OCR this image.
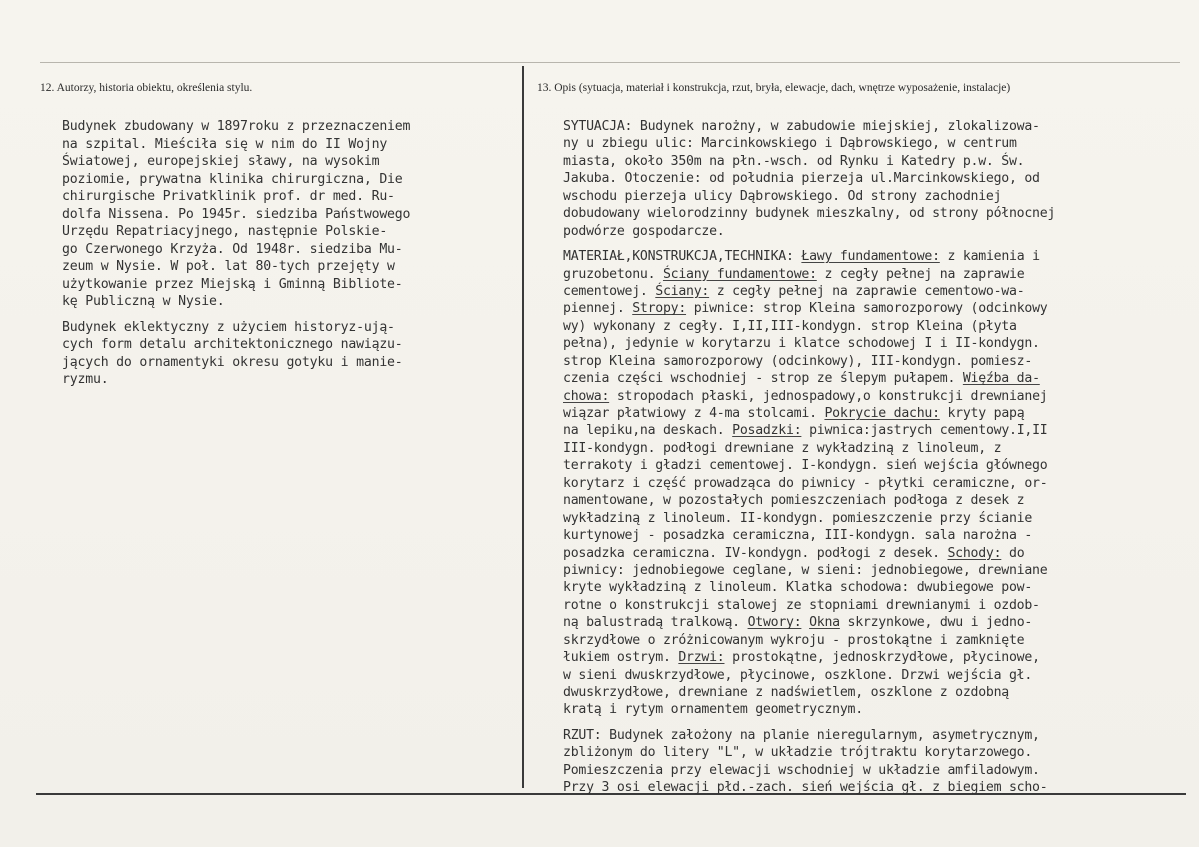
12. Autorzy, historia obiektu, określenia stylu.	13. Opis (sytuacja, materiał i konstrukcja, rzut, bryła, elewacje, dach, wnętrze wyposażenie, instalacje)
Budynek zbudowany w 1897roku z przeznaczeniem
na szpital. Mieściła się w nim do II Wojny
Światowej, europejskiej sławy, na wysokim
poziomie, prywatna klinika chirurgiczna, Die
chirurgische Privatklinik prof. dr med. Ru-
dolfa Nissena. Po 1945r. siedziba Państwowego
Urzędu Repatriacyjnego, następnie Polskie-
go Czerwonego Krzyża. Od 1948r. siedziba Mu-
zeum w Nysie. W poł. lat 80-tych przejęty w
użytkowanie przez Miejską i Gminną Bibliote-
kę Publiczną w Nysie.
Budynek eklektyczny z użyciem historyz-ują-
cych form detalu architektonicznego nawiązu-
jących do ornamentyki okresu gotyku i manie-
ryzmu.
SYTUACJA: Budynek narożny, w zabudowie miejskiej, zlokalizowa-
ny u zbiegu ulic: Marcinkowskiego i Dąbrowskiego, w centrum
miasta, około 350m na płn.-wsch. od Rynku i Katedry p.w. Św.
Jakuba. Otoczenie: od południa pierzeja ul.Marcinkowskiego, od
wschodu pierzeja ulicy Dąbrowskiego. Od strony zachodniej
dobudowany wielorodzinny budynek mieszkalny, od strony północnej
podwórze gospodarcze.
MATERIAŁ,KONSTRUKCJA,TECHNIKA: Ławy fundamentowe: z kamienia i
gruzobetonu. Ściany fundamentowe: z cegły pełnej na zaprawie
cementowej. Ściany: z cegły pełnej na zaprawie cementowo-wa-
piennej. Stropy: piwnice: strop Kleina samorozporowy (odcinkowy
wy) wykonany z cegły. I,II,III-kondygn. strop Kleina (płyta
pełna), jedynie w korytarzu i klatce schodowej I i II-kondygn.
strop Kleina samorozporowy (odcinkowy), III-kondygn. pomiesz-
czenia części wschodniej - strop ze ślepym pułapem. Więźba da-
chowa: stropodach płaski, jednospadowy,o konstrukcji drewnianej
wiązar płatwiowy z 4-ma stolcami. Pokrycie dachu: kryty papą
na lepiku,na deskach. Posadzki: piwnica:jastrych cementowy.I,II
III-kondygn. podłogi drewniane z wykładziną z linoleum, z
terrakoty i gładzi cementowej. I-kondygn. sień wejścia głównego
korytarz i część prowadząca do piwnicy - płytki ceramiczne, or-
namentowane, w pozostałych pomieszczeniach podłoga z desek z
wykładziną z linoleum. II-kondygn. pomieszczenie przy ścianie
kurtynowej - posadzka ceramiczna, III-kondygn. sala narożna -
posadzka ceramiczna. IV-kondygn. podłogi z desek. Schody: do
piwnicy: jednobiegowe ceglane, w sieni: jednobiegowe, drewniane
kryte wykładziną z linoleum. Klatka schodowa: dwubiegowe pow-
rotne o konstrukcji stalowej ze stopniami drewnianymi i ozdob-
ną balustradą tralkową. Otwory: Okna skrzynkowe, dwu i jedno-
skrzydłowe o zróżnicowanym wykroju - prostokątne i zamknięte
łukiem ostrym. Drzwi: prostokątne, jednoskrzydłowe, płycinowe,
w sieni dwuskrzydłowe, płycinowe, oszklone. Drzwi wejścia gł.
dwuskrzydłowe, drewniane z nadświetlem, oszklone z ozdobną
kratą i rytym ornamentem geometrycznym.
RZUT: Budynek założony na planie nieregularnym, asymetrycznym,
zbliżonym do litery "L", w układzie trójtraktu korytarzowego.
Pomieszczenia przy elewacji wschodniej w układzie amfiladowym.
Przy 3 osi elewacji płd.-zach. sień wejścia gł. z biegiem scho-
